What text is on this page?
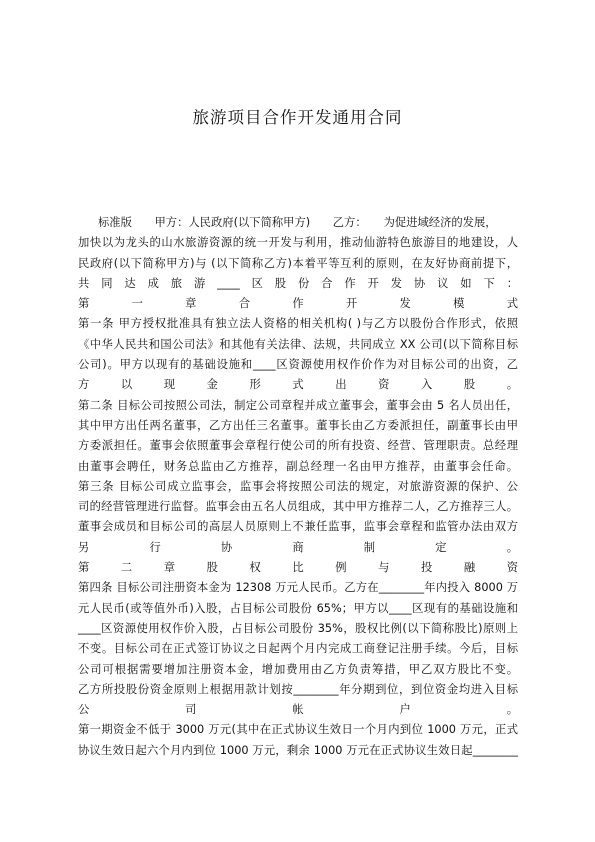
旅游项目合作开发通用合同
标准版　　甲方：人民政府(以下简称甲方)　　乙方：　　为促进域经济的发展，
加快以为龙头的山水旅游资源的统一开发与利用，推动仙游特色旅游目的地建设，人
民政府(以下简称甲方)与 (以下简称乙方)本着平等互利的原则，在友好协商前提下，
共同达成旅游____区股份合作开发协议如下：
第一章合作开发模式
第一条 甲方授权批准具有独立法人资格的相关机构( )与乙方以股份合作形式，依照
《中华人民共和国公司法》和其他有关法律、法规，共同成立 XX 公司(以下简称目标
公司)。甲方以现有的基础设施和____区资源使用权作价作为对目标公司的出资，乙
方以现金形式出资入股。
第二条 目标公司按照公司法，制定公司章程并成立董事会，董事会由 5 名人员出任，
其中甲方出任两名董事，乙方出任三名董事。董事长由乙方委派担任，副董事长由甲
方委派担任。董事会依照董事会章程行使公司的所有投资、经营、管理职责。总经理
由董事会聘任，财务总监由乙方推荐，副总经理一名由甲方推荐，由董事会任命。
第三条 目标公司成立监事会，监事会将按照公司法的规定，对旅游资源的保护、公
司的经营管理进行监督。监事会由五名人员组成，其中甲方推荐二人，乙方推荐三人。
董事会成员和目标公司的高层人员原则上不兼任监事，监事会章程和监管办法由双方
另行协商制定。
第二章股权比例与投融资
第四条 目标公司注册资本金为 12308 万元人民币。乙方在________年内投入 8000 万
元人民币(或等值外币)入股，占目标公司股份 65%；甲方以____区现有的基础设施和
____区资源使用权作价入股，占目标公司股份 35%，股权比例(以下简称股比)原则上
不变。目标公司在正式签订协议之日起两个月内完成工商登记注册手续。今后，目标
公司可根据需要增加注册资本金，增加费用由乙方负责筹措，甲乙双方股比不变。
乙方所投股份资金原则上根据用款计划按________年分期到位，到位资金均进入目标
公司帐户。
第一期资金不低于 3000 万元(其中在正式协议生效日一个月内到位 1000 万元，正式
协议生效日起六个月内到位 1000 万元，剩余 1000 万元在正式协议生效日起________
